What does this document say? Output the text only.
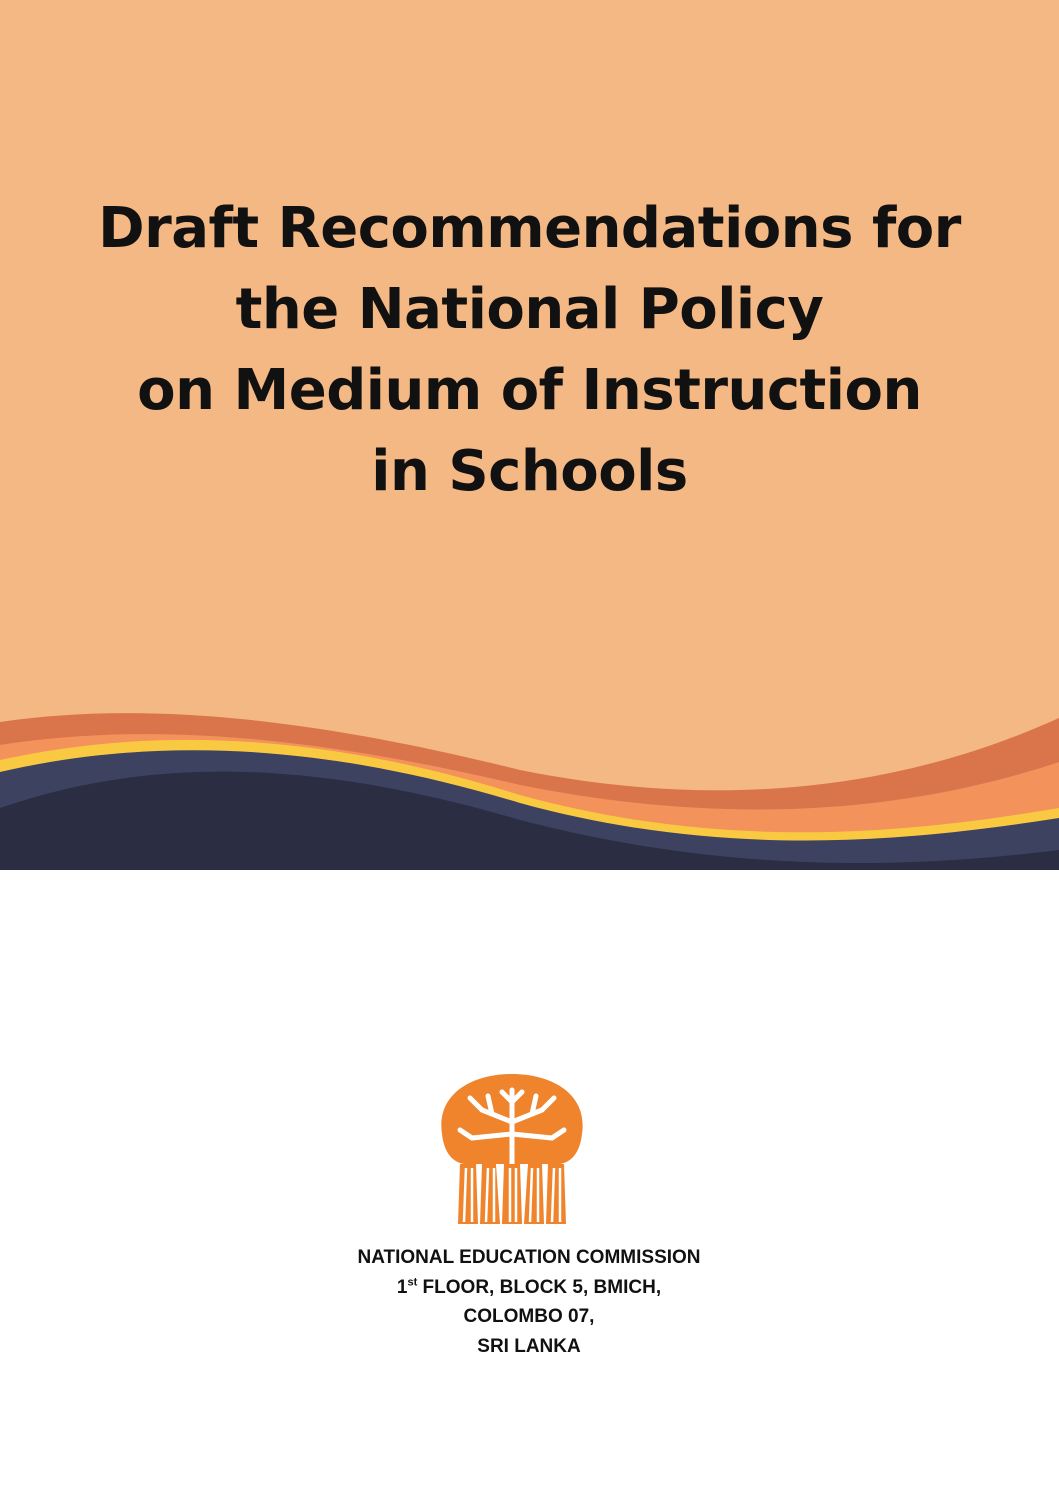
Draft Recommendations for
the National Policy
on Medium of Instruction
in Schools
NATIONAL EDUCATION COMMISSION
1st FLOOR, BLOCK 5, BMICH,
COLOMBO 07,
SRI LANKA
